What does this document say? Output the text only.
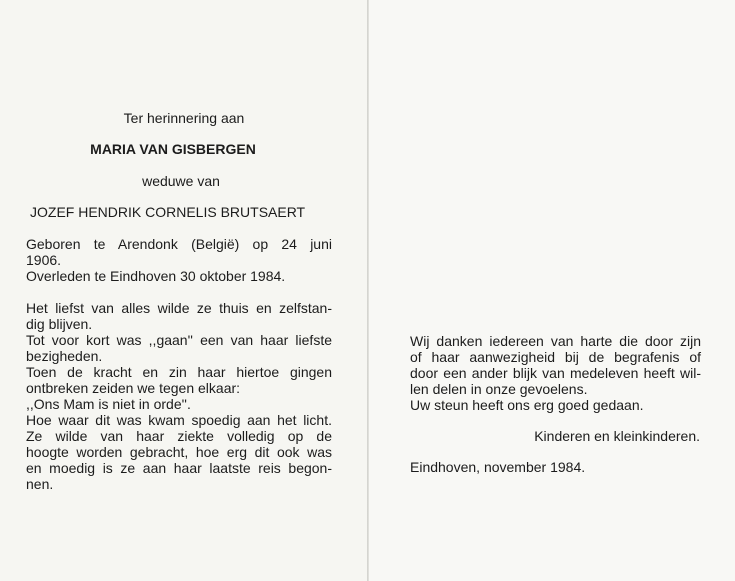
Ter herinnering aan
MARIA VAN GISBERGEN
weduwe van
JOZEF HENDRIK CORNELIS BRUTSAERT
Geboren te Arendonk (België) op 24 juni
1906.
Overleden te Eindhoven 30 oktober 1984.
Het liefst van alles wilde ze thuis en zelfstan-
dig blijven.
Tot voor kort was ,,gaan'' een van haar liefste
bezigheden.
Toen de kracht en zin haar hiertoe gingen
ontbreken zeiden we tegen elkaar:
,,Ons Mam is niet in orde''.
Hoe waar dit was kwam spoedig aan het licht.
Ze wilde van haar ziekte volledig op de
hoogte worden gebracht, hoe erg dit ook was
en moedig is ze aan haar laatste reis begon-
nen.
Wij danken iedereen van harte die door zijn
of haar aanwezigheid bij de begrafenis of
door een ander blijk van medeleven heeft wil-
len delen in onze gevoelens.
Uw steun heeft ons erg goed gedaan.
Kinderen en kleinkinderen.
Eindhoven, november 1984.
